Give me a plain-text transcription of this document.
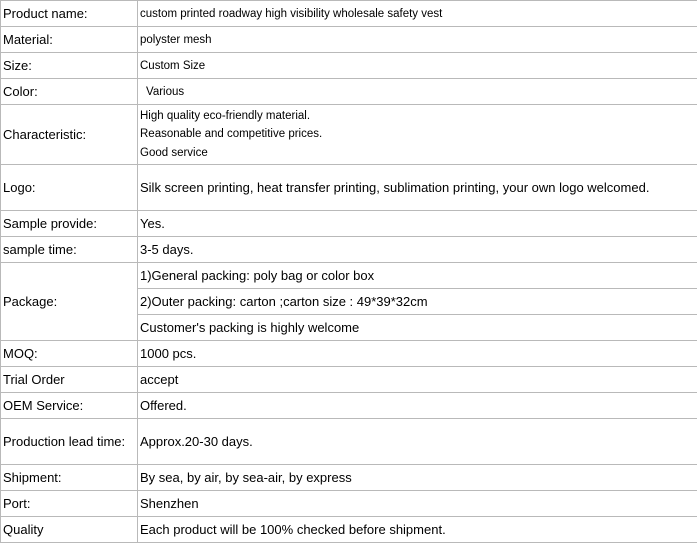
Product name:	custom printed roadway high visibility wholesale safety vest
Material:	polyster mesh
Size:	Custom Size
Color:	Various
Characteristic:	High quality eco-friendly material.
Reasonable and competitive prices.
Good service

Logo:	Silk screen printing, heat transfer printing, sublimation printing, your own logo welcomed.
Sample provide:	Yes.
sample time:	3-5 days.
Package:	1)General packing: poly bag or color box
2)Outer packing: carton ;carton size : 49*39*32cm
Customer's packing is highly welcome

MOQ:	1000 pcs.
Trial Order	accept
OEM Service:	Offered.
Production lead time:	Approx.20-30 days.
Shipment:	By sea, by air, by sea-air, by express
Port:	Shenzhen
Quality	Each product will be 100% checked before shipment.
